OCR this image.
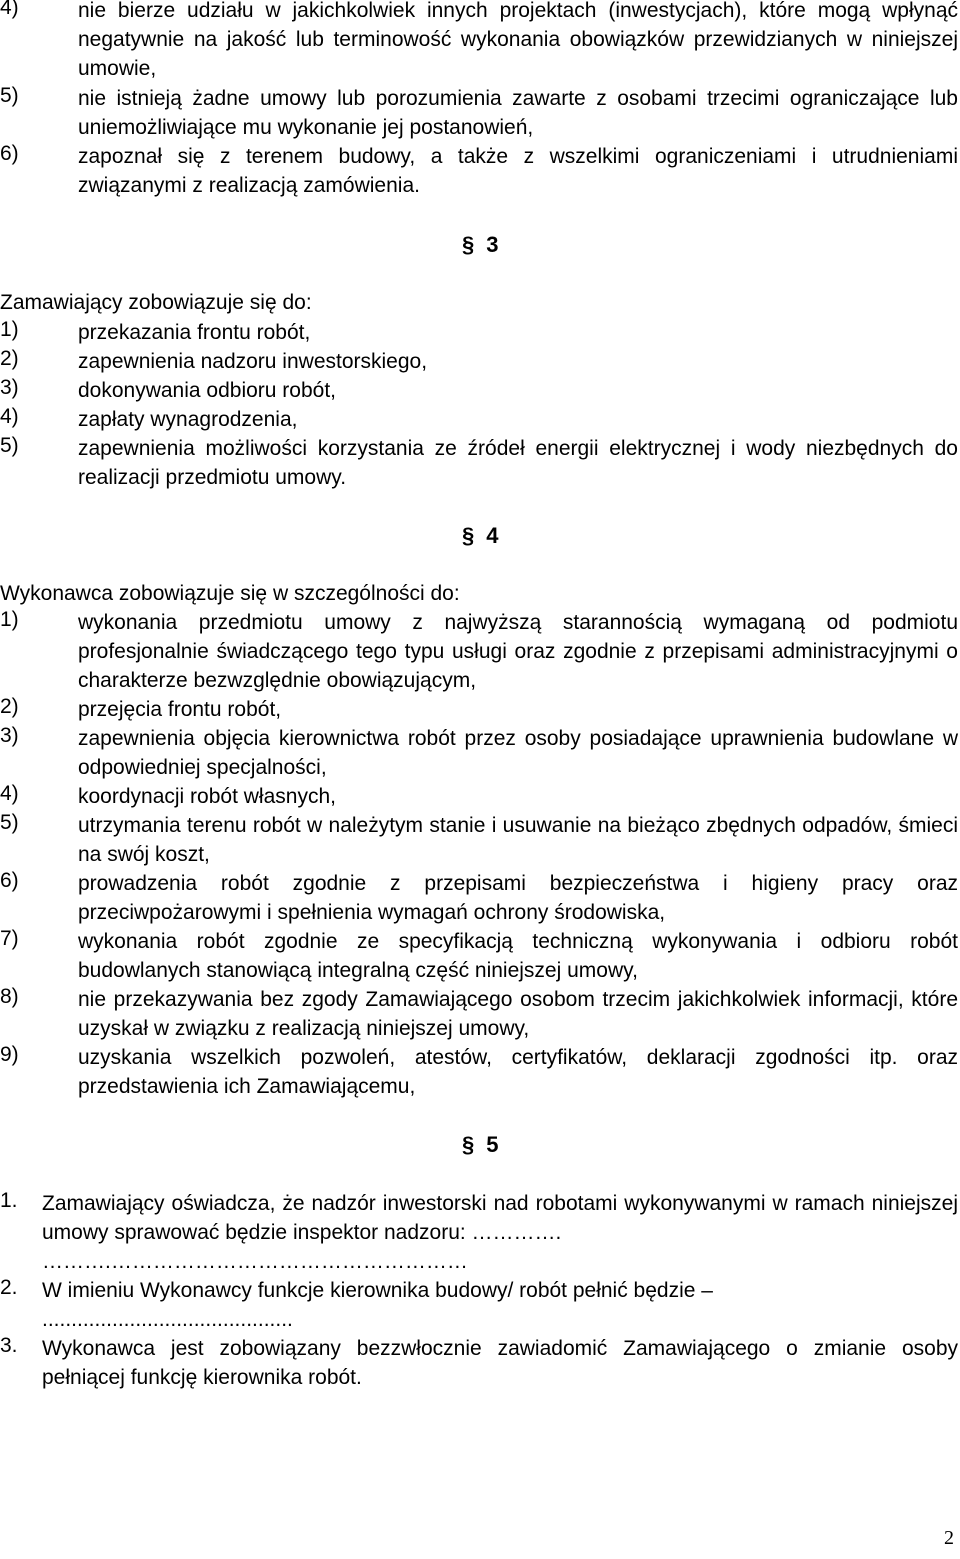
4)	nie bierze udziału w jakichkolwiek innych projektach (inwestycjach), które mogą wpłynąć negatywnie na jakość lub terminowość wykonania obowiązków przewidzianych w niniejszej umowie,
5)	nie istnieją żadne umowy lub porozumienia zawarte z osobami trzecimi ograniczające lub uniemożliwiające mu wykonanie jej postanowień,
6)	zapoznał się z terenem budowy, a także z wszelkimi ograniczeniami i utrudnieniami związanymi z realizacją zamówienia.
§ 3
Zamawiający zobowiązuje się do:
1)	przekazania frontu robót,
2)	zapewnienia nadzoru inwestorskiego,
3)	dokonywania odbioru robót,
4)	zapłaty wynagrodzenia,
5)	zapewnienia możliwości korzystania ze źródeł energii elektrycznej i wody niezbędnych do realizacji przedmiotu umowy.
§ 4
Wykonawca zobowiązuje się w szczególności do:
1)	wykonania przedmiotu umowy z najwyższą starannością wymaganą od podmiotu profesjonalnie świadczącego tego typu usługi oraz zgodnie z przepisami administracyjnymi o charakterze bezwzględnie obowiązującym,
2)	przejęcia frontu robót,
3)	zapewnienia objęcia kierownictwa robót przez osoby posiadające uprawnienia budowlane w odpowiedniej specjalności,
4)	koordynacji robót własnych,
5)	utrzymania terenu robót w należytym stanie i usuwanie na bieżąco zbędnych odpadów, śmieci na swój koszt,
6)	prowadzenia robót zgodnie z przepisami bezpieczeństwa i higieny pracy oraz przeciwpożarowymi i spełnienia wymagań ochrony środowiska,
7)	wykonania robót zgodnie ze specyfikacją techniczną wykonywania i odbioru robót budowlanych stanowiącą integralną część niniejszej umowy,
8)	nie przekazywania bez zgody Zamawiającego osobom trzecim jakichkolwiek informacji, które uzyskał w związku z realizacją niniejszej umowy,
9)	uzyskania wszelkich pozwoleń, atestów, certyfikatów, deklaracji zgodności itp. oraz przedstawienia ich Zamawiającemu,
§ 5
1. Zamawiający oświadcza, że nadzór inwestorski nad robotami wykonywanymi w ramach niniejszej umowy sprawować będzie inspektor nadzoru: ………….
……….……………………………………………
2. W imieniu Wykonawcy funkcje kierownika budowy/ robót pełnić będzie –
...........................................
3. Wykonawca jest zobowiązany bezzwłocznie zawiadomić Zamawiającego o zmianie osoby pełniącej funkcję kierownika robót.
2
